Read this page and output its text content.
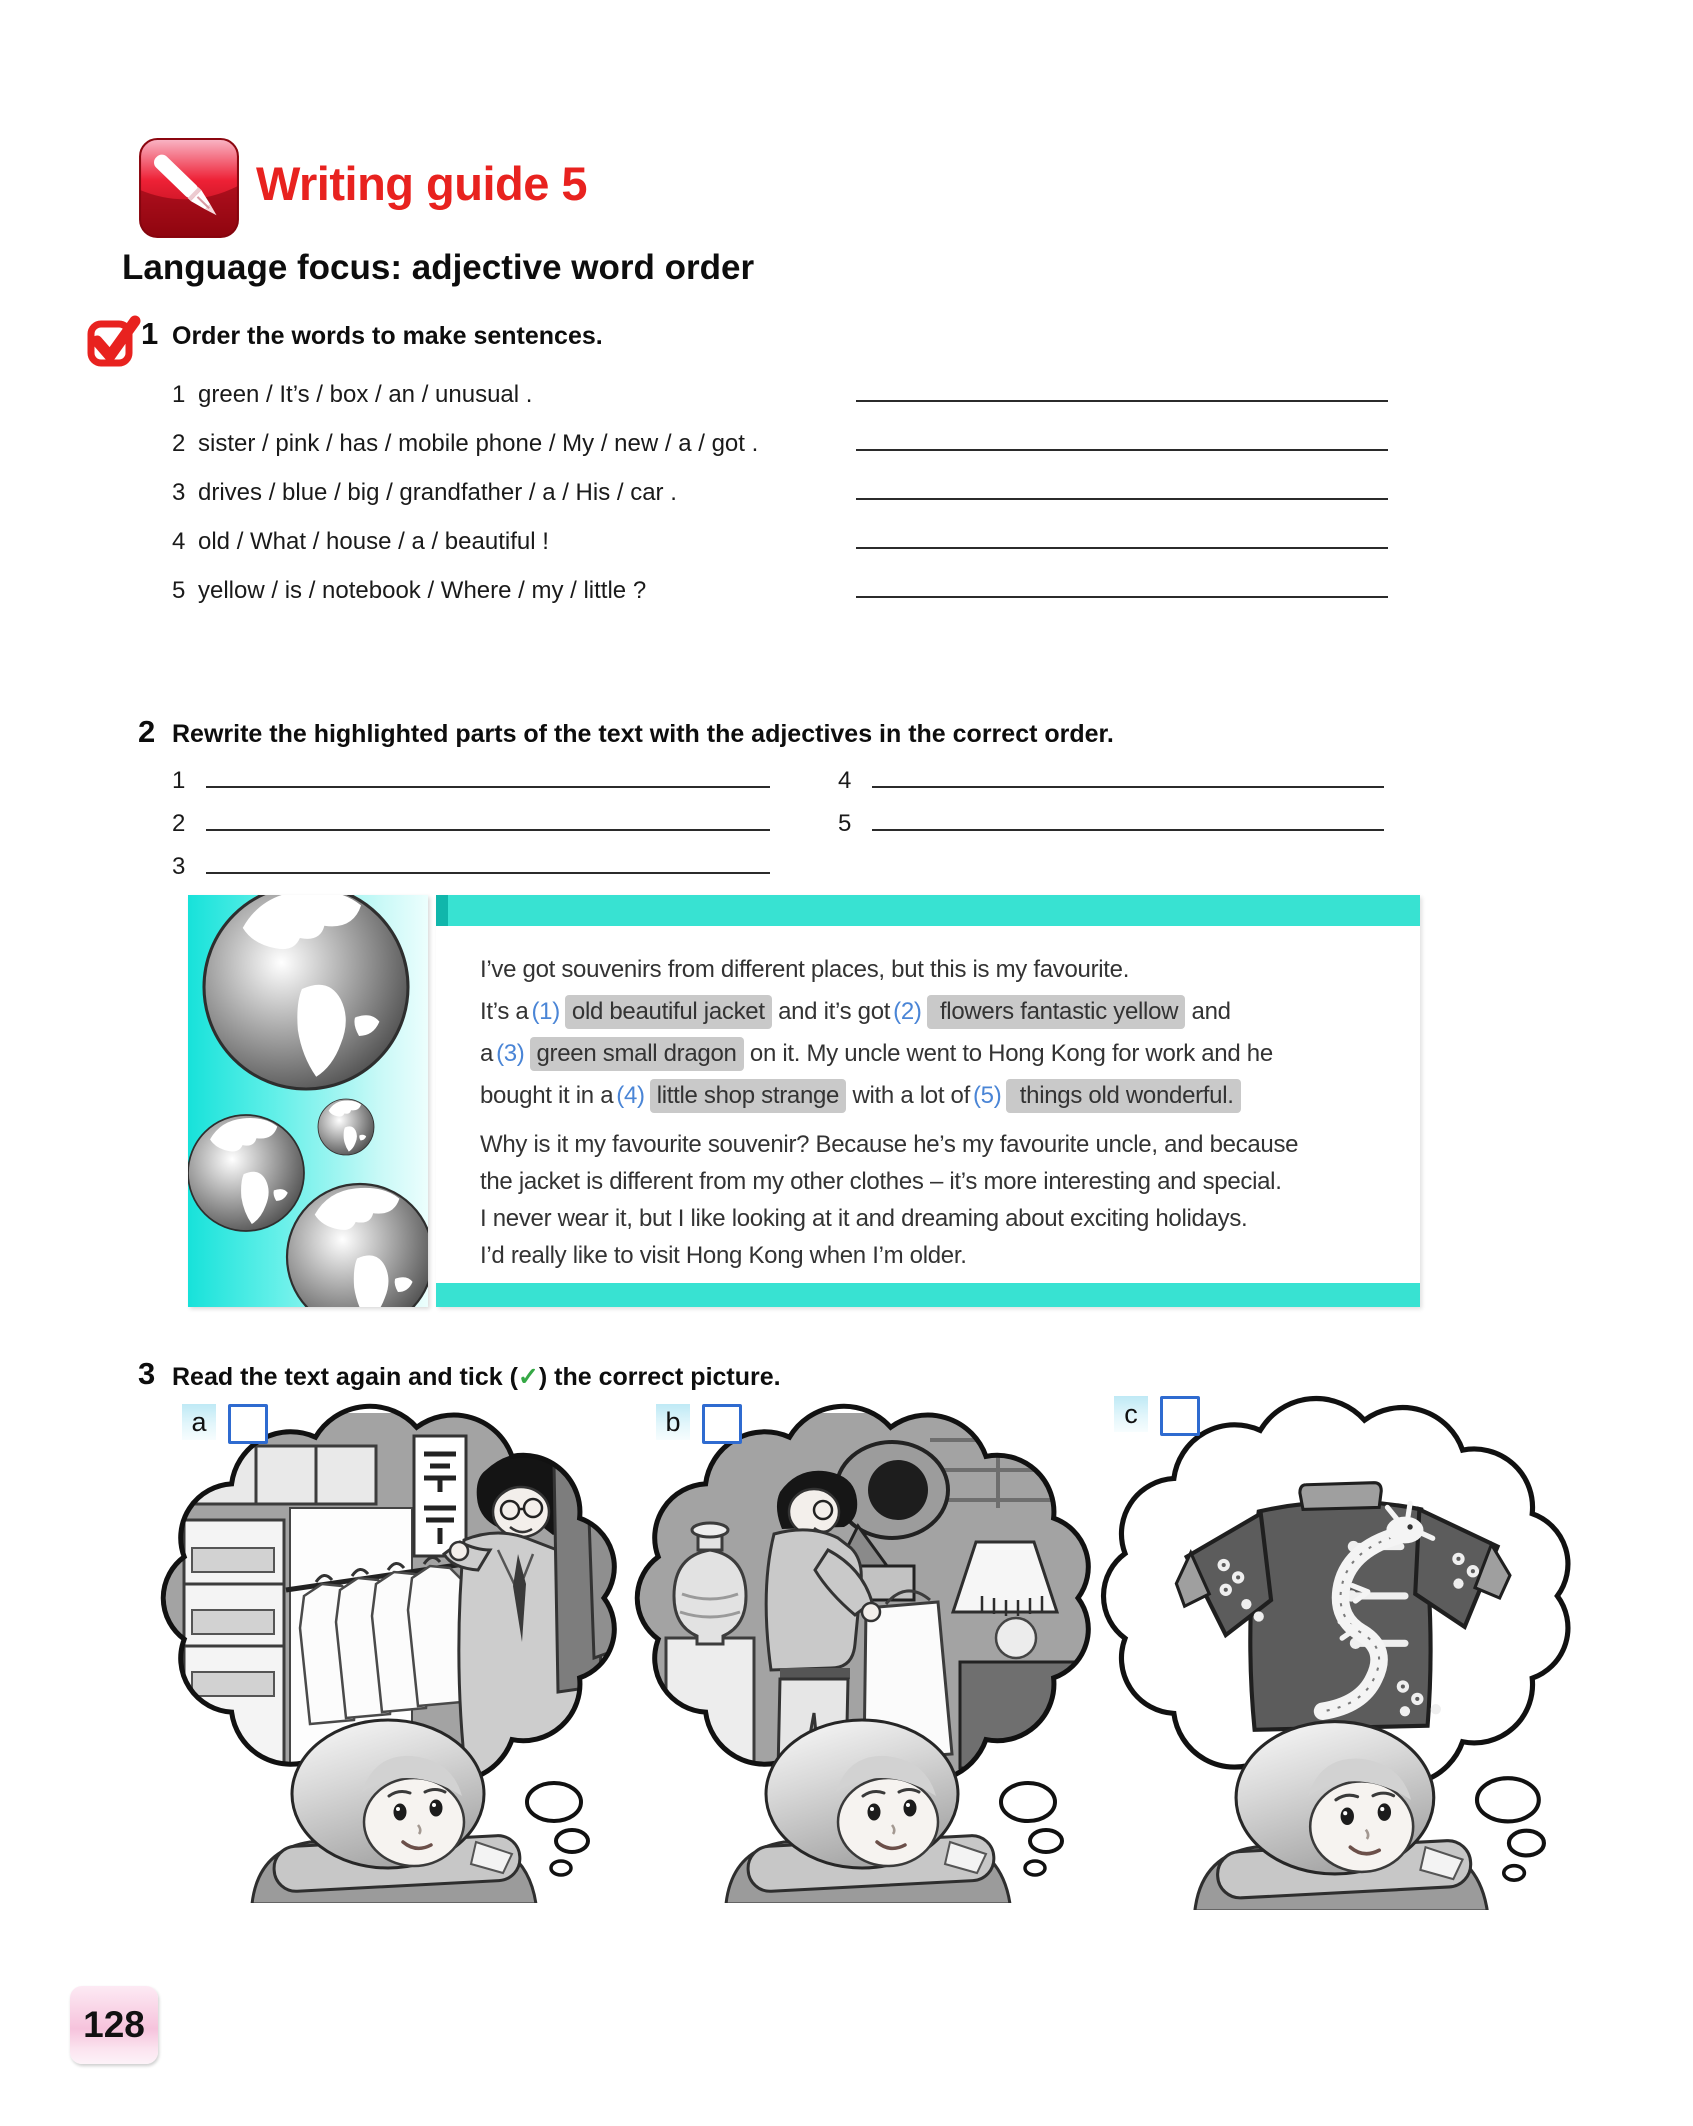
Writing guide 5
Language focus: adjective word order
1 Order the words to make sentences.
1 green / It’s / box / an / unusual .
2 sister / pink / has / mobile phone / My / new / a / got .
3 drives / blue / big / grandfather / a / His / car .
4 old / What / house / a / beautiful !
5 yellow / is / notebook / Where / my / little ?
2 Rewrite the highlighted parts of the text with the adjectives in the correct order.
1
2
3
4
5
I’ve got souvenirs from different places, but this is my favourite.
It’s a (1) old beautiful jacket and it’s got (2) flowers fantastic yellow and
a (3) green small dragon on it. My uncle went to Hong Kong for work and he
bought it in a (4) little shop strange with a lot of (5) things old wonderful.
Why is it my favourite souvenir? Because he’s my favourite uncle, and because
the jacket is different from my other clothes – it’s more interesting and special.
I never wear it, but I like looking at it and dreaming about exciting holidays.
I’d really like to visit Hong Kong when I’m older.
3 Read the text again and tick (✓) the correct picture.
a	b	c
128
